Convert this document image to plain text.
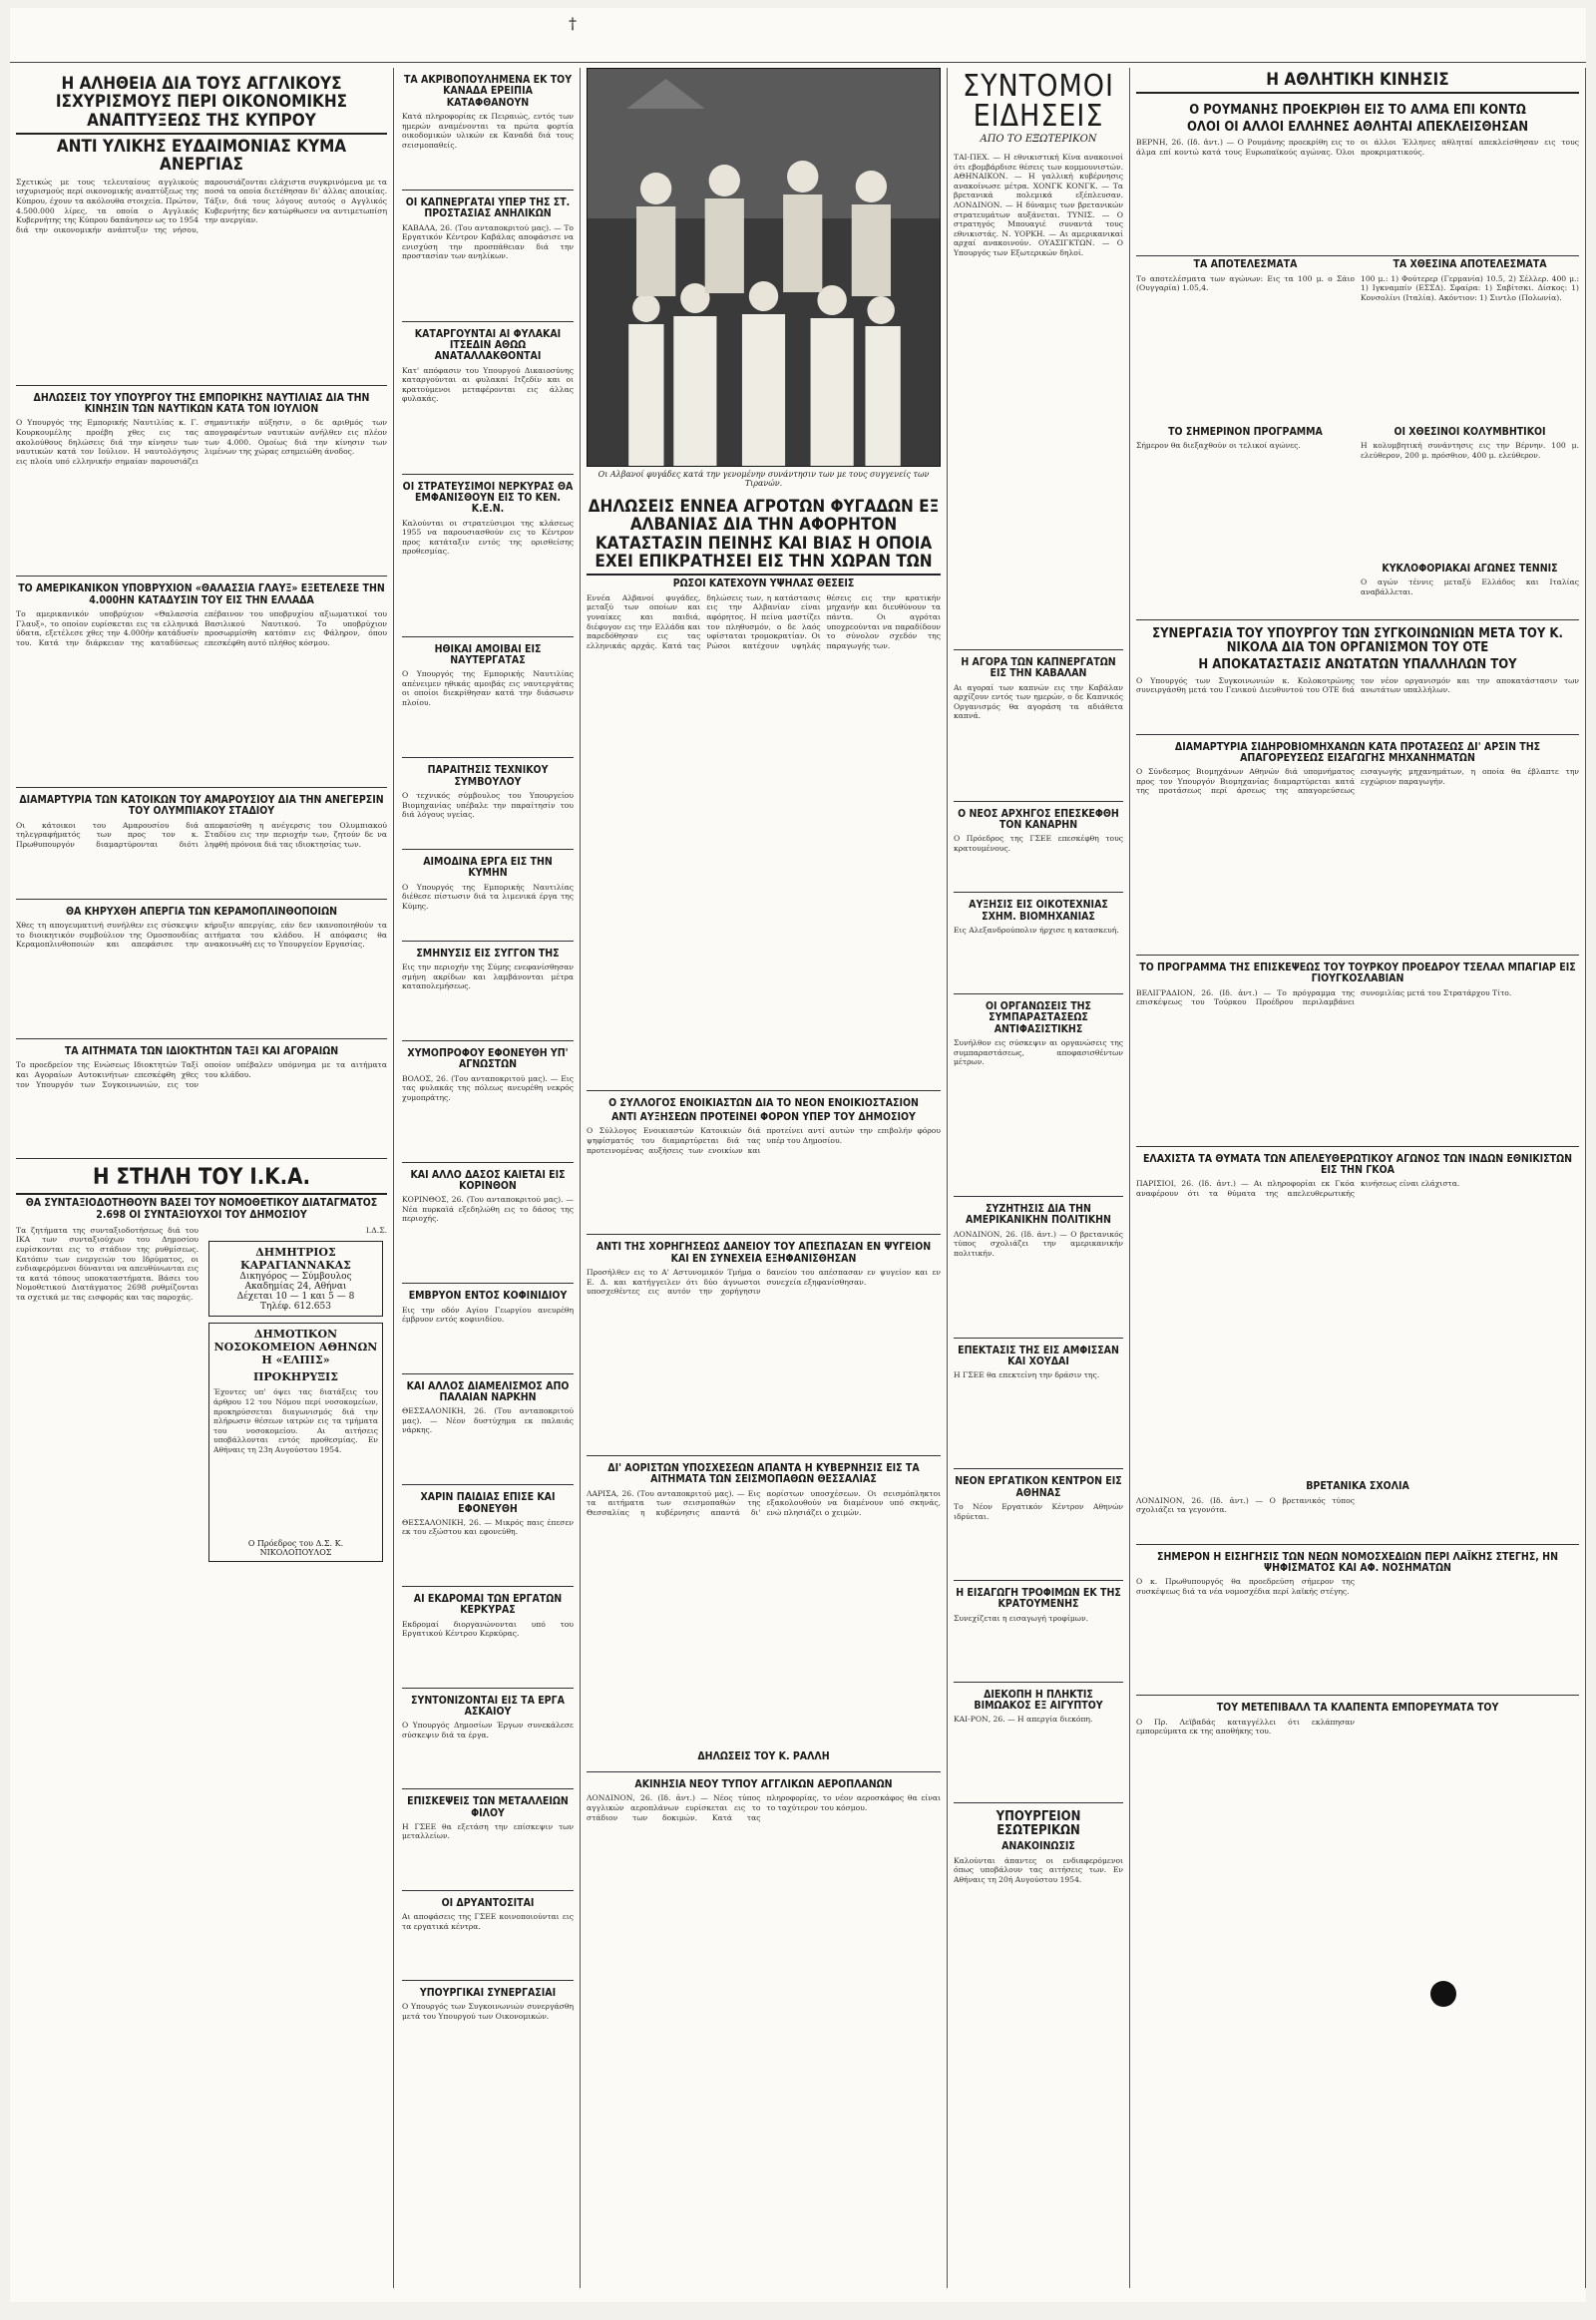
†
Η ΑΛΗΘΕΙΑ ΔΙΑ ΤΟΥΣ ΑΓΓΛΙΚΟΥΣ ΙΣΧΥΡΙΣΜΟΥΣ ΠΕΡΙ ΟΙΚΟΝΟΜΙΚΗΣ ΑΝΑΠΤΥΞΕΩΣ ΤΗΣ ΚΥΠΡΟΥ
ΑΝΤΙ ΥΛΙΚΗΣ ΕΥΔΑΙΜΟΝΙΑΣ ΚΥΜΑ ΑΝΕΡΓΙΑΣ
Σχετικώς με τους τελευταίους αγγλικούς ισχυρισμούς περί οικονομικής αναπτύξεως της Κύπρου, έχουν τα ακόλουθα στοιχεία. Πρώτον, 4.500.000 λίρες, τα οποία ο Αγγλικός Κυβερνήτης της Κύπρου δαπάνησεν ως το 1954 διά την οικονομικήν ανάπτυξιν της νήσου, παρουσιάζονται ελάχιστα συγκρινόμενα με τα ποσά τα οποία διετέθησαν δι' άλλας αποικίας. Τάξιν, διά τους λόγους αυτούς ο Αγγλικός Κυβερνήτης δεν κατώρθωσεν να αντιμετωπίση την ανεργίαν.
ΔΗΛΩΣΕΙΣ ΤΟΥ ΥΠΟΥΡΓΟΥ ΤΗΣ ΕΜΠΟΡΙΚΗΣ ΝΑΥΤΙΛΙΑΣ ΔΙΑ ΤΗΝ ΚΙΝΗΣΙΝ ΤΩΝ ΝΑΥΤΙΚΩΝ ΚΑΤΑ ΤΟΝ ΙΟΥΛΙΟΝ
Ο Υπουργός της Εμπορικής Ναυτιλίας κ. Γ. Κουρκουμέλης προέβη χθες εις τας ακολούθους δηλώσεις διά την κίνησιν των ναυτικών κατά τον Ιούλιον. Η ναυτολόγησις εις πλοία υπό ελληνικήν σημαίαν παρουσιάζει σημαντικήν αύξησιν, ο δε αριθμός των απογραφέντων ναυτικών ανήλθεν εις πλέον των 4.000. Ομοίως διά την κίνησιν των λιμένων της χώρας εσημειώθη άνοδος.
ΤΟ ΑΜΕΡΙΚΑΝΙΚΟΝ ΥΠΟΒΡΥΧΙΟΝ «ΘΑΛΑΣΣΙΑ ΓΛΑΥΞ» ΕΞΕΤΕΛΕΣΕ ΤΗΝ 4.000ΗΝ ΚΑΤΑΔΥΣΙΝ ΤΟΥ ΕΙΣ ΤΗΝ ΕΛΛΑΔΑ
Το αμερικανικόν υποβρύχιον «Θαλασσία Γλαυξ», το οποίον ευρίσκεται εις τα ελληνικά ύδατα, εξετέλεσε χθες την 4.000ήν κατάδυσίν του. Κατά την διάρκειαν της καταδύσεως επέβαινον του υποβρυχίου αξιωματικοί του Βασιλικού Ναυτικού. Το υποβρύχιον προσωρμίσθη κατόπιν εις Φάληρον, όπου επεσκέφθη αυτό πλήθος κόσμου.
ΔΙΑΜΑΡΤΥΡΙΑ ΤΩΝ ΚΑΤΟΙΚΩΝ ΤΟΥ ΑΜΑΡΟΥΣΙΟΥ ΔΙΑ ΤΗΝ ΑΝΕΓΕΡΣΙΝ ΤΟΥ ΟΛΥΜΠΙΑΚΟΥ ΣΤΑΔΙΟΥ
Οι κάτοικοι του Αμαρουσίου διά τηλεγραφήματός των προς τον κ. Πρωθυπουργόν διαμαρτύρονται διότι απεφασίσθη η ανέγερσις του Ολυμπιακού Σταδίου εις την περιοχήν των, ζητούν δε να ληφθή πρόνοια διά τας ιδιοκτησίας των.
ΘΑ ΚΗΡΥΧΘΗ ΑΠΕΡΓΙΑ ΤΩΝ ΚΕΡΑΜΟΠΛΙΝΘΟΠΟΙΩΝ
Χθες τη απογευματινή συνήλθεν εις σύσκεψιν το διοικητικόν συμβούλιον της Ομοσπονδίας Κεραμοπλινθοποιών και απεφάσισε την κήρυξιν απεργίας, εάν δεν ικανοποιηθούν τα αιτήματα του κλάδου. Η απόφασις θα ανακοινωθή εις το Υπουργείον Εργασίας.
ΤΑ ΑΙΤΗΜΑΤΑ ΤΩΝ ΙΔΙΟΚΤΗΤΩΝ ΤΑΞΙ ΚΑΙ ΑΓΟΡΑΙΩΝ
Το προεδρείον της Ενώσεως Ιδιοκτητών Ταξί και Αγοραίων Αυτοκινήτων επεσκέφθη χθες τον Υπουργόν των Συγκοινωνιών, εις τον οποίον υπέβαλεν υπόμνημα με τα αιτήματα του κλάδου.
Η ΣΤΗΛΗ ΤΟΥ Ι.Κ.Α.
ΘΑ ΣΥΝΤΑΞΙΟΔΟΤΗΘΟΥΝ ΒΑΣΕΙ ΤΟΥ ΝΟΜΟΘΕΤΙΚΟΥ ΔΙΑΤΑΓΜΑΤΟΣ 2.698 ΟΙ ΣΥΝΤΑΞΙΟΥΧΟΙ ΤΟΥ ΔΗΜΟΣΙΟΥ
Τα ζητήματα της συνταξιοδοτήσεως διά του ΙΚΑ των συνταξιούχων του Δημοσίου ευρίσκονται εις το στάδιον της ρυθμίσεως. Κατόπιν των ενεργειών του Ιδρύματος, οι ενδιαφερόμενοι δύνανται να απευθύνωνται εις τα κατά τόπους υποκαταστήματα. Βάσει του Νομοθετικού Διατάγματος 2698 ρυθμίζονται τα σχετικά με τας εισφοράς και τας παροχάς.
Ι.Δ.Σ.
ΔΗΜΗΤΡΙΟΣ ΚΑΡΑΓΙΑΝΝΑΚΑΣ
Δικηγόρος — Σύμβουλος
Ακαδημίας 24, Αθήναι
Δέχεται 10 — 1 και 5 — 8
Τηλέφ. 612.653
ΔΗΜΟΤΙΚΟΝ ΝΟΣΟΚΟΜΕΙΟΝ ΑΘΗΝΩΝ Η «ΕΛΠΙΣ»
ΠΡΟΚΗΡΥΞΙΣ
Έχοντες υπ' όψει τας διατάξεις του άρθρου 12 του Νόμου περί νοσοκομείων, προκηρύσσεται διαγωνισμός διά την πλήρωσιν θέσεων ιατρών εις τα τμήματα του νοσοκομείου. Αι αιτήσεις υποβάλλονται εντός προθεσμίας. Εν Αθήναις τη 23η Αυγούστου 1954.
Ο Πρόεδρος του Δ.Σ. Κ. ΝΙΚΟΛΟΠΟΥΛΟΣ
ΤΑ ΑΚΡΙΒΟΠΟΥΛΗΜΕΝΑ ΕΚ ΤΟΥ ΚΑΝΑΔΑ ΕΡΕΙΠΙΑ ΚΑΤΑΦΘΑΝΟΥΝ
Κατά πληροφορίας εκ Πειραιώς, εντός των ημερών αναμένονται τα πρώτα φορτία οικοδομικών υλικών εκ Καναδά διά τους σεισμοπαθείς.
ΟΙ ΚΑΠΝΕΡΓΑΤΑΙ ΥΠΕΡ ΤΗΣ ΣΤ. ΠΡΟΣΤΑΣΙΑΣ ΑΝΗΛΙΚΩΝ
ΚΑΒΑΛΑ, 26. (Του ανταποκριτού μας). — Το Εργατικόν Κέντρον Καβάλας αποφάσισε να ενισχύση την προσπάθειαν διά την προστασίαν των ανηλίκων.
ΚΑΤΑΡΓΟΥΝΤΑΙ ΑΙ ΦΥΛΑΚΑΙ ΙΤΣΕΔΙΝ ΑΘΩΩ ΑΝΑΤΑΛΛΑΚΘΟΝΤΑΙ
Κατ' απόφασιν του Υπουργού Δικαιοσύνης καταργούνται αι φυλακαί Ιτζεδίν και οι κρατούμενοι μεταφέρονται εις άλλας φυλακάς.
ΟΙ ΣΤΡΑΤΕΥΣΙΜΟΙ ΝΕΡΚΥΡΑΣ ΘΑ ΕΜΦΑΝΙΣΘΟΥΝ ΕΙΣ ΤΟ ΚΕΝ. Κ.Ε.Ν.
Καλούνται οι στρατεύσιμοι της κλάσεως 1955 να παρουσιασθούν εις το Κέντρον προς κατάταξιν εντός της ορισθείσης προθεσμίας.
ΗΘΙΚΑΙ ΑΜΟΙΒΑΙ ΕΙΣ ΝΑΥΤΕΡΓΑΤΑΣ
Ο Υπουργός της Εμπορικής Ναυτιλίας απένειμεν ηθικάς αμοιβάς εις ναυτεργάτας οι οποίοι διεκρίθησαν κατά την διάσωσιν πλοίου.
ΠΑΡΑΙΤΗΣΙΣ ΤΕΧΝΙΚΟΥ ΣΥΜΒΟΥΛΟΥ
Ο τεχνικός σύμβουλος του Υπουργείου Βιομηχανίας υπέβαλε την παραίτησίν του διά λόγους υγείας.
ΑΙΜΟΔΙΝΑ ΕΡΓΑ ΕΙΣ ΤΗΝ ΚΥΜΗΝ
Ο Υπουργός της Εμπορικής Ναυτιλίας διέθεσε πίστωσιν διά τα λιμενικά έργα της Κύμης.
ΣΜΗΝΥΣΙΣ ΕΙΣ ΣΥΓΓΟΝ ΤΗΣ
Εις την περιοχήν της Σύμης ενεφανίσθησαν σμήνη ακρίδων και λαμβάνονται μέτρα καταπολεμήσεως.
ΧΥΜΟΠΡΟΦΟΥ ΕΦΟΝΕΥΘΗ ΥΠ' ΑΓΝΩΣΤΩΝ
ΒΟΛΟΣ, 26. (Του ανταποκριτού μας). — Εις τας φυλακάς της πόλεως ανευρέθη νεκρός χυμοπράτης.
ΚΑΙ ΑΛΛΟ ΔΑΣΟΣ ΚΑΙΕΤΑΙ ΕΙΣ ΚΟΡΙΝΘΟΝ
ΚΟΡΙΝΘΟΣ, 26. (Του ανταποκριτού μας). — Νέα πυρκαϊά εξεδηλώθη εις το δάσος της περιοχής.
ΕΜΒΡΥΟΝ ΕΝΤΟΣ ΚΟΦΙΝΙΔΙΟΥ
Εις την οδόν Αγίου Γεωργίου ανευρέθη έμβρυον εντός κοφινιδίου.
ΚΑΙ ΑΛΛΟΣ ΔΙΑΜΕΛΙΣΜΟΣ ΑΠΟ ΠΑΛΑΙΑΝ ΝΑΡΚΗΝ
ΘΕΣΣΑΛΟΝΙΚΗ, 26. (Του ανταποκριτού μας). — Νέον δυστύχημα εκ παλαιάς νάρκης.
ΧΑΡΙΝ ΠΑΙΔΙΑΣ ΕΠΙΣΕ ΚΑΙ ΕΦΟΝΕΥΘΗ
ΘΕΣΣΑΛΟΝΙΚΗ, 26. — Μικρός παις έπεσεν εκ του εξώστου και εφονεύθη.
ΑΙ ΕΚΔΡΟΜΑΙ ΤΩΝ ΕΡΓΑΤΩΝ ΚΕΡΚΥΡΑΣ
Εκδρομαί διοργανώνονται υπό του Εργατικού Κέντρου Κερκύρας.
ΣΥΝΤΟΝΙΖΟΝΤΑΙ ΕΙΣ ΤΑ ΕΡΓΑ ΑΣΚΑΙΟΥ
Ο Υπουργός Δημοσίων Έργων συνεκάλεσε σύσκεψιν διά τα έργα.
ΕΠΙΣΚΕΨΕΙΣ ΤΩΝ ΜΕΤΑΛΛΕΙΩΝ ΦΙΛΟΥ
Η ΓΣΕΕ θα εξετάση την επίσκεψιν των μεταλλείων.
ΟΙ ΔΡΥΑΝΤΟΣΙΤΑΙ
Αι αποφάσεις της ΓΣΕΕ κοινοποιούνται εις τα εργατικά κέντρα.
ΥΠΟΥΡΓΙΚΑΙ ΣΥΝΕΡΓΑΣΙΑΙ
Ο Υπουργός των Συγκοινωνιών συνεργάσθη μετά του Υπουργού των Οικονομικών.
Οι Αλβανοί φυγάδες κατά την γενομένην συνάντησιν των με τους συγγενείς των Τιρανών.
ΔΗΛΩΣΕΙΣ ΕΝΝΕΑ ΑΓΡΟΤΩΝ ΦΥΓΑΔΩΝ ΕΞ ΑΛΒΑΝΙΑΣ ΔΙΑ ΤΗΝ ΑΦΟΡΗΤΟΝ ΚΑΤΑΣΤΑΣΙΝ ΠΕΙΝΗΣ ΚΑΙ ΒΙΑΣ Η ΟΠΟΙΑ ΕΧΕΙ ΕΠΙΚΡΑΤΗΣΕΙ ΕΙΣ ΤΗΝ ΧΩΡΑΝ ΤΩΝ
ΡΩΣΟΙ ΚΑΤΕΧΟΥΝ ΥΨΗΛΑΣ ΘΕΣΕΙΣ
Εννέα Αλβανοί φυγάδες, μεταξύ των οποίων και γυναίκες και παιδιά, διέφυγον εις την Ελλάδα και παρεδόθησαν εις τας ελληνικάς αρχάς. Κατά τας δηλώσεις των, η κατάστασις εις την Αλβανίαν είναι αφόρητος. Η πείνα μαστίζει τον πληθυσμόν, ο δε λαός υφίσταται τρομοκρατίαν. Οι Ρώσοι κατέχουν υψηλάς θέσεις εις την κρατικήν μηχανήν και διευθύνουν τα πάντα. Οι αγρόται υποχρεούνται να παραδίδουν το σύνολον σχεδόν της παραγωγής των.
Ο ΣΥΛΛΟΓΟΣ ΕΝΟΙΚΙΑΣΤΩΝ ΔΙΑ ΤΟ ΝΕΟΝ ΕΝΟΙΚΙΟΣΤΑΣΙΟΝ
ΑΝΤΙ ΑΥΞΗΣΕΩΝ ΠΡΟΤΕΙΝΕΙ ΦΟΡΟΝ ΥΠΕΡ ΤΟΥ ΔΗΜΟΣΙΟΥ
Ο Σύλλογος Ενοικιαστών Κατοικιών διά ψηφίσματός του διαμαρτύρεται διά τας προτεινομένας αυξήσεις των ενοικίων και προτείνει αντί αυτών την επιβολήν φόρου υπέρ του Δημοσίου.
ΑΝΤΙ ΤΗΣ ΧΟΡΗΓΗΣΕΩΣ ΔΑΝΕΙΟΥ ΤΟΥ ΑΠΕΣΠΑΣΑΝ ΕΝ ΨΥΓΕΙΟΝ ΚΑΙ ΕΝ ΣΥΝΕΧΕΙΑ ΕΞΗΦΑΝΙΣΘΗΣΑΝ
Προσήλθεν εις το Α' Αστυνομικόν Τμήμα ο Ε. Δ. και κατήγγειλεν ότι δύο άγνωστοι υποσχεθέντες εις αυτόν την χορήγησιν δανείου του απέσπασαν εν ψυγείον και εν συνεχεία εξηφανίσθησαν.
ΔΙ' ΑΟΡΙΣΤΩΝ ΥΠΟΣΧΕΣΕΩΝ ΑΠΑΝΤΑ Η ΚΥΒΕΡΝΗΣΙΣ ΕΙΣ ΤΑ ΑΙΤΗΜΑΤΑ ΤΩΝ ΣΕΙΣΜΟΠΑΘΩΝ ΘΕΣΣΑΛΙΑΣ
ΛΑΡΙΣΑ, 26. (Του ανταποκριτού μας). — Εις τα αιτήματα των σεισμοπαθών της Θεσσαλίας η κυβέρνησις απαντά δι' αορίστων υποσχέσεων. Οι σεισμόπληκτοι εξακολουθούν να διαμένουν υπό σκηνάς, ενώ πλησιάζει ο χειμών.
ΔΗΛΩΣΕΙΣ ΤΟΥ Κ. ΡΑΛΛΗ
ΑΚΙΝΗΣΙΑ ΝΕΟΥ ΤΥΠΟΥ ΑΓΓΛΙΚΩΝ ΑΕΡΟΠΛΑΝΩΝ
ΛΟΝΔΙΝΟΝ, 26. (Ιδ. ἀντ.) — Νέος τύπος αγγλικών αεροπλάνων ευρίσκεται εις το στάδιον των δοκιμών. Κατά τας πληροφορίας, το νέον αεροσκάφος θα είναι το ταχύτερον του κόσμου.
ΣΥΝΤΟΜΟΙ ΕΙΔΗΣΕΙΣ
ΑΠΟ ΤΟ ΕΞΩΤΕΡΙΚΟΝ
ΤΑΙ-ΠΕΧ. — Η εθνικιστική Κίνα ανακοινοί ότι εβομβάρδισε θέσεις των κομμουνιστών. ΑΘΗΝΑΙΚΟΝ. — Η γαλλική κυβέρνησις ανακοίνωσε μέτρα. ΧΟΝΓΚ ΚΟΝΓΚ. — Τα βρετανικά πολεμικά εξέπλευσαν. ΛΟΝΔΙΝΟΝ. — Η δύναμις των βρετανικών στρατευμάτων αυξάνεται. ΤΥΝΙΣ. — Ο στρατηγός Μπουαγιέ συναντά τους εθνικιστάς. Ν. ΥΟΡΚΗ. — Αι αμερικανικαί αρχαί ανακοινούν. ΟΥΑΣΙΓΚΤΩΝ. — Ο Υπουργός των Εξωτερικών δηλοί.
Η ΑΓΟΡΑ ΤΩΝ ΚΑΠΝΕΡΓΑΤΩΝ ΕΙΣ ΤΗΝ ΚΑΒΑΛΑΝ
Αι αγοραί των καπνών εις την Καβάλαν αρχίζουν εντός των ημερών, ο δε Καπνικός Οργανισμός θα αγοράση τα αδιάθετα καπνά.
Ο ΝΕΟΣ ΑΡΧΗΓΟΣ ΕΠΕΣΚΕΦΘΗ ΤΟΝ ΚΑΝΑΡΗΝ
Ο Πρόεδρος της ΓΣΕΕ επεσκέφθη τους κρατουμένους.
ΑΥΞΗΣΙΣ ΕΙΣ ΟΙΚΟΤΕΧΝΙΑΣ ΣΧΗΜ. ΒΙΟΜΗΧΑΝΙΑΣ
Εις Αλεξανδρούπολιν ήρχισε η κατασκευή.
ΟΙ ΟΡΓΑΝΩΣΕΙΣ ΤΗΣ ΣΥΜΠΑΡΑΣΤΑΣΕΩΣ ΑΝΤΙΦΑΣΙΣΤΙΚΗΣ
Συνήλθον εις σύσκεψιν αι οργανώσεις της συμπαραστάσεως, αποφασισθέντων μέτρων.
ΣΥΖΗΤΗΣΙΣ ΔΙΑ ΤΗΝ ΑΜΕΡΙΚΑΝΙΚΗΝ ΠΟΛΙΤΙΚΗΝ
ΛΟΝΔΙΝΟΝ, 26. (Ιδ. ἀντ.) — Ο βρετανικός τύπος σχολιάζει την αμερικανικήν πολιτικήν.
ΕΠΕΚΤΑΣΙΣ ΤΗΣ ΕΙΣ ΑΜΦΙΣΣΑΝ ΚΑΙ ΧΟΥΔΑΙ
Η ΓΣΕΕ θα επεκτείνη την δράσιν της.
ΝΕΟΝ ΕΡΓΑΤΙΚΟΝ ΚΕΝΤΡΟΝ ΕΙΣ ΑΘΗΝΑΣ
Το Νέον Εργατικόν Κέντρον Αθηνών ιδρύεται.
Η ΕΙΣΑΓΩΓΗ ΤΡΟΦΙΜΩΝ ΕΚ ΤΗΣ ΚΡΑΤΟΥΜΕΝΗΣ
Συνεχίζεται η εισαγωγή τροφίμων.
ΔΙΕΚΟΠΗ Η ΠΛΗΚΤΙΣ ΒΙΜΩΑΚΟΣ ΕΞ ΑΙΓΥΠΤΟΥ
ΚΑΙ-ΡΟΝ, 26. — Η απεργία διεκόπη.
ΥΠΟΥΡΓΕΙΟΝ ΕΣΩΤΕΡΙΚΩΝ
ΑΝΑΚΟΙΝΩΣΙΣ
Καλούνται άπαντες οι ενδιαφερόμενοι όπως υποβάλουν τας αιτήσεις των. Εν Αθήναις τη 20ή Αυγούστου 1954.
Η ΑΘΛΗΤΙΚΗ ΚΙΝΗΣΙΣ
Ο ΡΟΥΜΑΝΗΣ ΠΡΟΕΚΡΙΘΗ ΕΙΣ ΤΟ ΑΛΜΑ ΕΠΙ ΚΟΝΤΩ
ΟΛΟΙ ΟΙ ΑΛΛΟΙ ΕΛΛΗΝΕΣ ΑΘΛΗΤΑΙ ΑΠΕΚΛΕΙΣΘΗΣΑΝ
ΒΕΡΝΗ, 26. (Ιδ. ἀντ.) — Ο Ρουμάνης προεκρίθη εις το άλμα επί κοντώ κατά τους Ευρωπαϊκούς αγώνας. Όλοι οι άλλοι Έλληνες αθληταί απεκλείσθησαν εις τους προκριματικούς.
ΤΑ ΑΠΟΤΕΛΕΣΜΑΤΑ
Το αποτελέσματα των αγώνων: Εις τα 100 μ. ο Σάιο (Ουγγαρία) 1.05,4.
ΤΟ ΣΗΜΕΡΙΝΟΝ ΠΡΟΓΡΑΜΜΑ
Σήμερον θα διεξαχθούν οι τελικοί αγώνες.
ΤΑ ΧΘΕΣΙΝΑ ΑΠΟΤΕΛΕΣΜΑΤΑ
100 μ.: 1) Φούτερερ (Γερμανία) 10.5, 2) Σέλλερ. 400 μ.: 1) Ιγκναμπίν (ΕΣΣΔ). Σφαίρα: 1) Σαβίτσκι. Δίσκος: 1) Κονσολίνι (Ιταλία). Ακόντιον: 1) Σιντλο (Πολωνία).
ΟΙ ΧΘΕΣΙΝΟΙ ΚΟΛΥΜΒΗΤΙΚΟΙ
Η κολυμβητική συνάντησις εις την Βέρνην. 100 μ. ελεύθερον, 200 μ. πρόσθιον, 400 μ. ελεύθερον.
ΚΥΚΛΟΦΟΡΙΑΚΑΙ ΑΓΩΝΕΣ ΤΕΝΝΙΣ
Ο αγών τέννις μεταξύ Ελλάδος και Ιταλίας αναβάλλεται.
ΣΥΝΕΡΓΑΣΙΑ ΤΟΥ ΥΠΟΥΡΓΟΥ ΤΩΝ ΣΥΓΚΟΙΝΩΝΙΩΝ ΜΕΤΑ ΤΟΥ Κ. ΝΙΚΟΛΑ ΔΙΑ ΤΟΝ ΟΡΓΑΝΙΣΜΟΝ ΤΟΥ ΟΤΕ
Η ΑΠΟΚΑΤΑΣΤΑΣΙΣ ΑΝΩΤΑΤΩΝ ΥΠΑΛΛΗΛΩΝ ΤΟΥ
Ο Υπουργός των Συγκοινωνιών κ. Κολοκοτρώνης συνειργάσθη μετά του Γενικού Διευθυντού του ΟΤΕ διά τον νέον οργανισμόν και την αποκατάστασιν των ανωτάτων υπαλλήλων.
ΔΙΑΜΑΡΤΥΡΙΑ ΣΙΔΗΡΟΒΙΟΜΗΧΑΝΩΝ ΚΑΤΑ ΠΡΟΤΑΣΕΩΣ ΔΙ' ΑΡΣΙΝ ΤΗΣ ΑΠΑΓΟΡΕΥΣΕΩΣ ΕΙΣΑΓΩΓΗΣ ΜΗΧΑΝΗΜΑΤΩΝ
Ο Σύνδεσμος Βιομηχάνων Αθηνών διά υπομνήματος προς τον Υπουργόν Βιομηχανίας διαμαρτύρεται κατά της προτάσεως περί άρσεως της απαγορεύσεως εισαγωγής μηχανημάτων, η οποία θα έβλαπτε την εγχώριον παραγωγήν.
ΤΟ ΠΡΟΓΡΑΜΜΑ ΤΗΣ ΕΠΙΣΚΕΨΕΩΣ ΤΟΥ ΤΟΥΡΚΟΥ ΠΡΟΕΔΡΟΥ ΤΣΕΛΑΛ ΜΠΑΓΙΑΡ ΕΙΣ ΓΙΟΥΓΚΟΣΛΑΒΙΑΝ
ΒΕΛΙΓΡΑΔΙΟΝ, 26. (Ιδ. ἀντ.) — Το πρόγραμμα της επισκέψεως του Τούρκου Προέδρου περιλαμβάνει συνομιλίας μετά του Στρατάρχου Τίτο.
ΕΛΑΧΙΣΤΑ ΤΑ ΘΥΜΑΤΑ ΤΩΝ ΑΠΕΛΕΥΘΕΡΩΤΙΚΟΥ ΑΓΩΝΟΣ ΤΩΝ ΙΝΔΩΝ ΕΘΝΙΚΙΣΤΩΝ ΕΙΣ ΤΗΝ ΓΚΟΑ
ΠΑΡΙΣΙΟΙ, 26. (Ιδ. ἀντ.) — Αι πληροφορίαι εκ Γκόα αναφέρουν ότι τα θύματα της απελευθερωτικής κινήσεως είναι ελάχιστα.
ΒΡΕΤΑΝΙΚΑ ΣΧΟΛΙΑ
ΛΟΝΔΙΝΟΝ, 26. (Ιδ. ἀντ.) — Ο βρετανικός τύπος σχολιάζει τα γεγονότα.
ΣΗΜΕΡΟΝ Η ΕΙΣΗΓΗΣΙΣ ΤΩΝ ΝΕΩΝ ΝΟΜΟΣΧΕΔΙΩΝ ΠΕΡΙ ΛΑΪΚΗΣ ΣΤΕΓΗΣ, ΗΝ ΨΗΦΙΣΜΑΤΟΣ ΚΑΙ ΑΦ. ΝΟΣΗΜΑΤΩΝ
Ο κ. Πρωθυπουργός θα προεδρεύση σήμερον της συσκέψεως διά τα νέα νομοσχέδια περί λαϊκής στέγης.
ΤΟΥ ΜΕΤΕΠΙΒΑΛΛ ΤΑ ΚΛΑΠΕΝΤΑ ΕΜΠΟΡΕΥΜΑΤΑ ΤΟΥ
Ο Πρ. Λεϊβαδάς καταγγέλλει ότι εκλάπησαν εμπορεύματα εκ της αποθήκης του.
